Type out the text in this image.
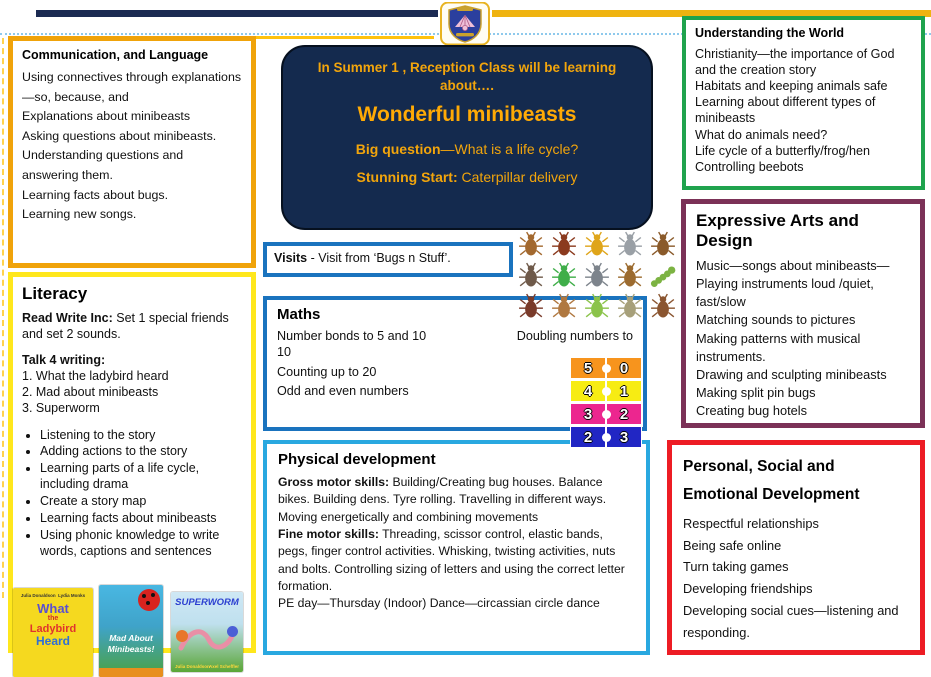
In Summer 1 , Reception Class will be learning about….

Wonderful minibeasts

Big question—What is a life cycle?

Stunning Start: Caterpillar delivery

Communication, and Language

Using connectives through explanations—so, because, and

Explanations about minibeasts

Asking questions about minibeasts.

Understanding questions and answering them.

Learning facts about bugs.

Learning new songs.

Literacy

Read Write Inc: Set 1 special friends and set 2 sounds.

Talk 4 writing:

1. What the ladybird heard

2. Mad about minibeasts

3. Superworm

• Listening to the story
• Adding actions to the story
• Learning parts of a life cycle, including drama
• Create a story map
• Learning facts about minibeasts
• Using phonic knowledge to write words, captions and sentences
Visits - Visit from ‘Bugs n Stuff’.
Maths
Number bonds to 5 and 10	Doubling numbers to

10

Counting up to 20

Odd and even numbers

5	0
4	1
3	2
2	3
Physical development

Gross motor skills: Building/Creating bug houses. Balance bikes. Building dens. Tyre rolling. Travelling in different ways. Moving energetically and combining movements

Fine motor skills: Threading, scissor control, elastic bands, pegs, finger control activities. Whisking, twisting activities, nuts and bolts. Controlling sizing of letters and using the correct letter formation.

PE day—Thursday (Indoor) Dance—circassian circle dance

Understanding the World

Christianity—the importance of God and the creation story

Habitats and keeping animals safe

Learning about different types of minibeasts

What do animals need?

Life cycle of a butterfly/frog/hen

Controlling beebots

Expressive Arts and Design

Music—songs about minibeasts—

Playing instruments loud /quiet, fast/slow

Matching sounds to pictures

Making patterns with musical instruments.

Drawing and sculpting minibeasts

Making split pin bugs

Creating bug hotels

Personal, Social and
Emotional Development

Respectful relationships

Being safe online

Turn taking games

Developing friendships

Developing social cues—listening and responding.

Julia Donaldson Lydia Monks
What
the
Ladybird
Heard	Mad About Minibeasts!
SUPERWORM
Julia Donaldson Axel Scheffler
